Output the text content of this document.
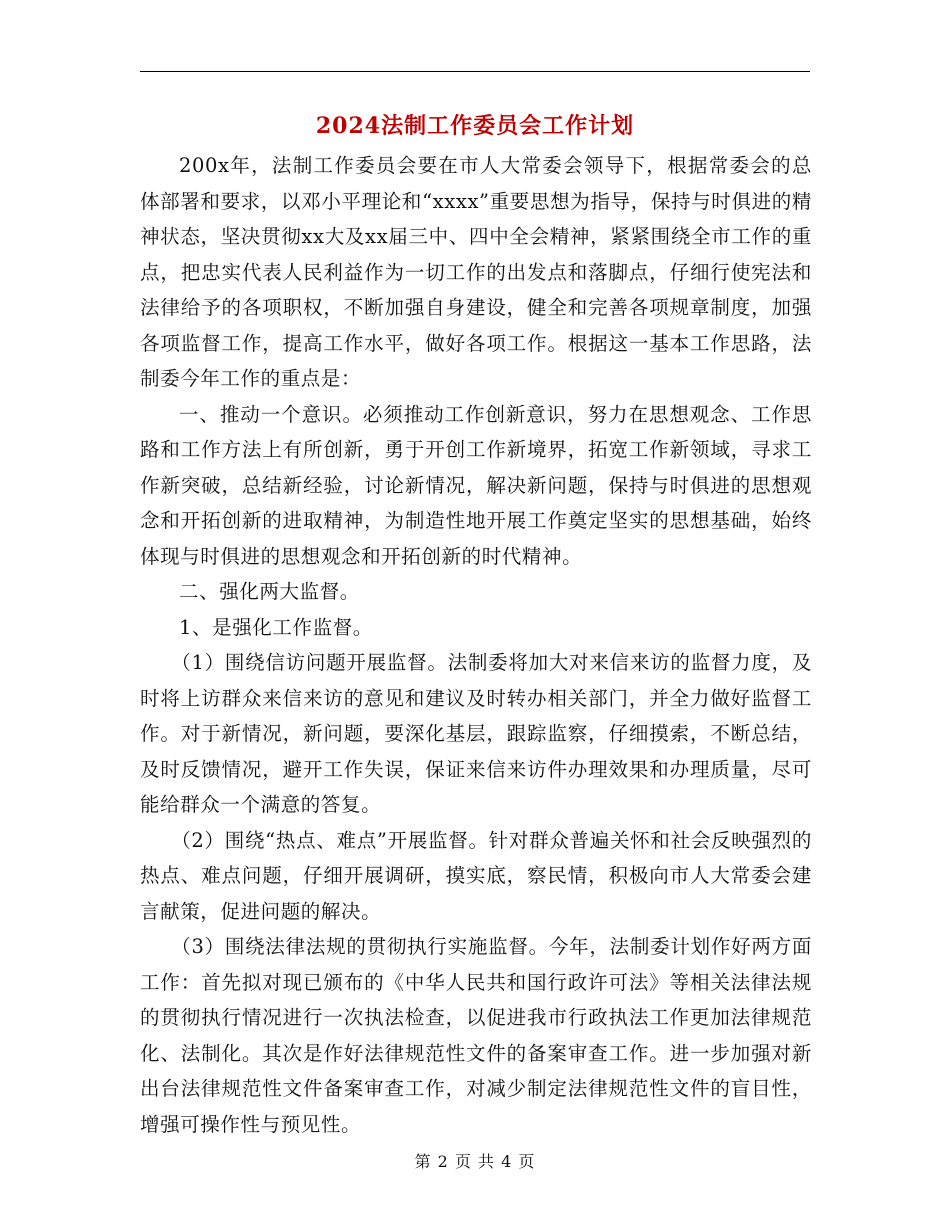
2024法制工作委员会工作计划

200x年，法制工作委员会要在市人大常委会领导下，根据常委会的总体部署和要求，以邓小平理论和“xxxx”重要思想为指导，保持与时俱进的精神状态，坚决贯彻xx大及xx届三中、四中全会精神，紧紧围绕全市工作的重点，把忠实代表人民利益作为一切工作的出发点和落脚点，仔细行使宪法和法律给予的各项职权，不断加强自身建设，健全和完善各项规章制度，加强各项监督工作，提高工作水平，做好各项工作。根据这一基本工作思路，法制委今年工作的重点是：

一、推动一个意识。必须推动工作创新意识，努力在思想观念、工作思路和工作方法上有所创新，勇于开创工作新境界，拓宽工作新领域，寻求工作新突破，总结新经验，讨论新情况，解决新问题，保持与时俱进的思想观念和开拓创新的进取精神，为制造性地开展工作奠定坚实的思想基础，始终体现与时俱进的思想观念和开拓创新的时代精神。

二、强化两大监督。

1、是强化工作监督。

（1）围绕信访问题开展监督。法制委将加大对来信来访的监督力度，及时将上访群众来信来访的意见和建议及时转办相关部门，并全力做好监督工作。对于新情况，新问题，要深化基层，跟踪监察，仔细摸索，不断总结，及时反馈情况，避开工作失误，保证来信来访件办理效果和办理质量，尽可能给群众一个满意的答复。

（2）围绕“热点、难点”开展监督。针对群众普遍关怀和社会反映强烈的热点、难点问题，仔细开展调研，摸实底，察民情，积极向市人大常委会建言献策，促进问题的解决。

（3）围绕法律法规的贯彻执行实施监督。今年，法制委计划作好两方面工作：首先拟对现已颁布的《中华人民共和国行政许可法》等相关法律法规的贯彻执行情况进行一次执法检查，以促进我市行政执法工作更加法律规范化、法制化。其次是作好法律规范性文件的备案审查工作。进一步加强对新出台法律规范性文件备案审查工作，对减少制定法律规范性文件的盲目性，增强可操作性与预见性。

第 2 页 共 4 页
